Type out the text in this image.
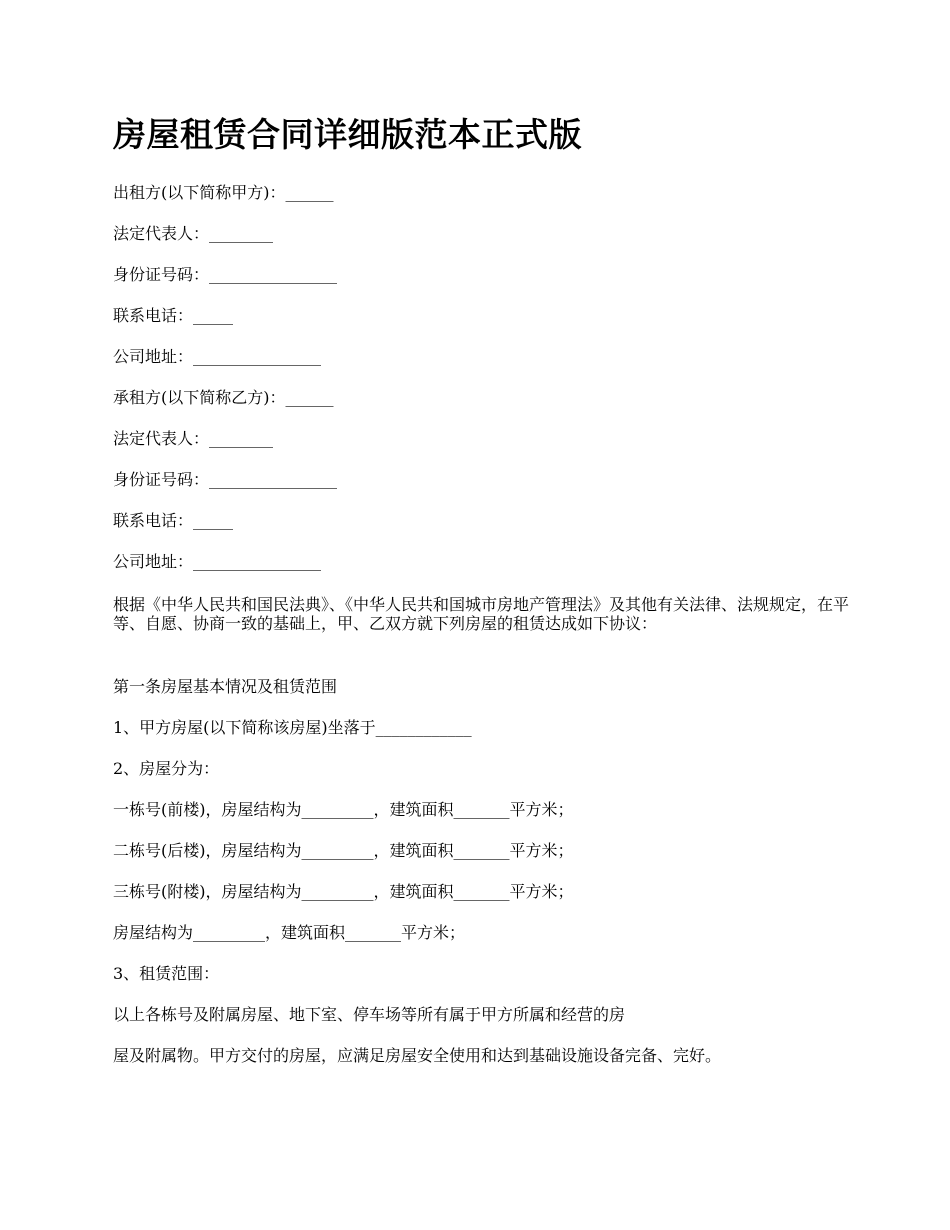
房屋租赁合同详细版范本正式版

出租方(以下简称甲方)：______

法定代表人：________

身份证号码：________________

联系电话：_____

公司地址：________________

承租方(以下简称乙方)：______

法定代表人：________

身份证号码：________________

联系电话：_____

公司地址：________________

根据《中华人民共和国民法典》、《中华人民共和国城市房地产管理法》及其他有关法律、法规规定，在平等、自愿、协商一致的基础上，甲、乙双方就下列房屋的租赁达成如下协议：

第一条房屋基本情况及租赁范围

1、甲方房屋(以下简称该房屋)坐落于____________

2、房屋分为：

一栋号(前楼)，房屋结构为_________，建筑面积_______平方米；

二栋号(后楼)，房屋结构为_________，建筑面积_______平方米；

三栋号(附楼)，房屋结构为_________，建筑面积_______平方米；

房屋结构为_________，建筑面积_______平方米；

3、租赁范围：

以上各栋号及附属房屋、地下室、停车场等所有属于甲方所属和经营的房

屋及附属物。甲方交付的房屋，应满足房屋安全使用和达到基础设施设备完备、完好。
